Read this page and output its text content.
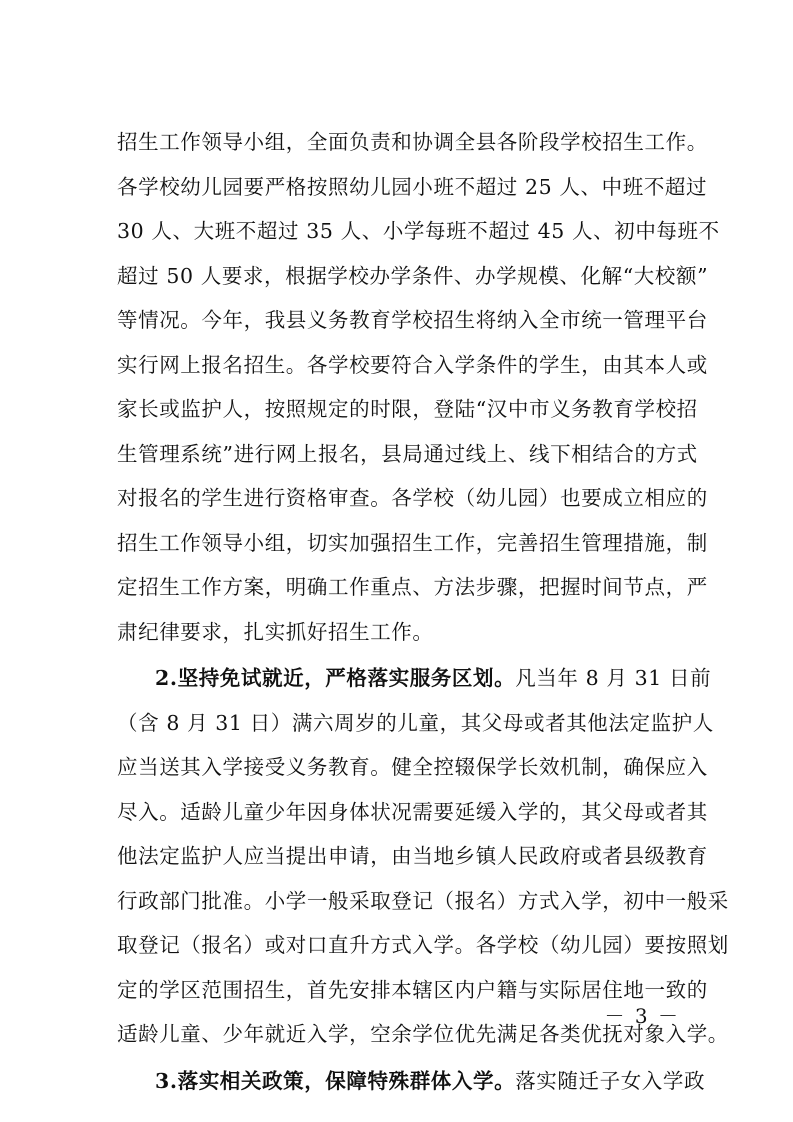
招生工作领导小组，全面负责和协调全县各阶段学校招生工作。
各学校幼儿园要严格按照幼儿园小班不超过 25 人、中班不超过
30 人、大班不超过 35 人、小学每班不超过 45 人、初中每班不
超过 50 人要求，根据学校办学条件、办学规模、化解“大校额”
等情况。今年，我县义务教育学校招生将纳入全市统一管理平台
实行网上报名招生。各学校要符合入学条件的学生，由其本人或
家长或监护人，按照规定的时限，登陆“汉中市义务教育学校招
生管理系统”进行网上报名，县局通过线上、线下相结合的方式
对报名的学生进行资格审查。各学校（幼儿园）也要成立相应的
招生工作领导小组，切实加强招生工作，完善招生管理措施，制
定招生工作方案，明确工作重点、方法步骤，把握时间节点，严
肃纪律要求，扎实抓好招生工作。
2.坚持免试就近，严格落实服务区划。凡当年 8 月 31 日前
（含 8 月 31 日）满六周岁的儿童，其父母或者其他法定监护人
应当送其入学接受义务教育。健全控辍保学长效机制，确保应入
尽入。适龄儿童少年因身体状况需要延缓入学的，其父母或者其
他法定监护人应当提出申请，由当地乡镇人民政府或者县级教育
行政部门批准。小学一般采取登记（报名）方式入学，初中一般采
取登记（报名）或对口直升方式入学。各学校（幼儿园）要按照划
定的学区范围招生，首先安排本辖区内户籍与实际居住地一致的
适龄儿童、少年就近入学，空余学位优先满足各类优抚对象入学。
3.落实相关政策，保障特殊群体入学。落实随迁子女入学政
－ 3 －
